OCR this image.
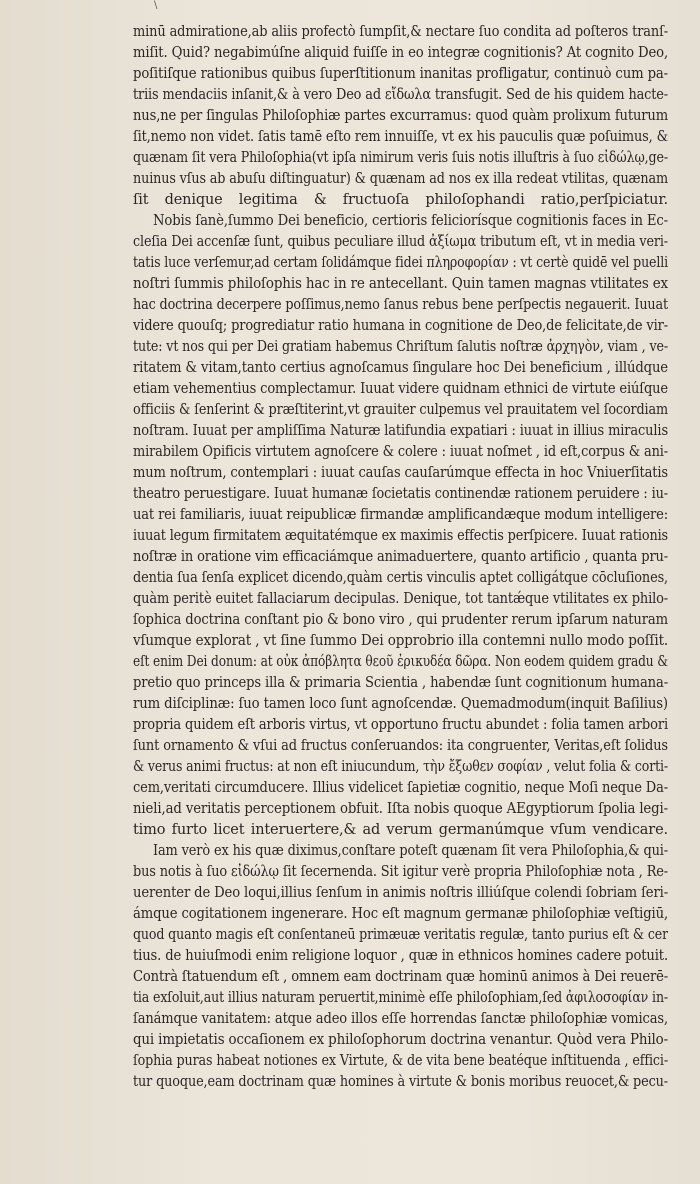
\
minū admiratione,ab aliis profectò ſumpſit,& nectare ſuo condita ad poſteros tranſ-
miſit. Quid? negabimúſne aliquid fuiſſe in eo integræ cognitionis? At cognito Deo,
poſitiſque rationibus quibus ſuperſtitionum inanitas profligatur, continuò cum pa-
triis mendaciis inſanit,& à vero Deo ad εἴδωλα transfugit. Sed de his quidem hacte-
nus,ne per ſingulas Philoſophiæ partes excurramus: quod quàm prolixum futurum
ſit,nemo non videt. ſatis tamē eſto rem innuiſſe, vt ex his pauculis quæ poſuimus, &
quænam ſit vera Philoſophia(vt ipſa nimirum veris ſuis notis illuſtris à ſuo εἰδώλῳ,ge-
nuinus vſus ab abuſu diſtinguatur) & quænam ad nos ex illa redeat vtilitas, quænam
ſit denique legitima & fructuoſa philoſophandi ratio,perſpiciatur.
Nobis ſanè,ſummo Dei beneficio, certioris feliciorísque cognitionis faces in Ec-
cleſia Dei accenſæ ſunt, quibus peculiare illud ἀξίωμα tributum eſt, vt in media veri-
tatis luce verſemur,ad certam ſolidámque fidei πληροφορίαν : vt certè quidē vel puelli
noſtri ſummis philoſophis hac in re antecellant. Quin tamen magnas vtilitates ex
hac doctrina decerpere poſſimus,nemo ſanus rebus bene perſpectis negauerit. Iuuat
videre quouſq; progrediatur ratio humana in cognitione de Deo,de felicitate,de vir-
tute: vt nos qui per Dei gratiam habemus Chriſtum ſalutis noſtræ ἀρχηγὸν, viam , ve-
ritatem & vitam,tanto certius agnoſcamus ſingulare hoc Dei beneficium , illúdque
etiam vehementius complectamur. Iuuat videre quidnam ethnici de virtute eiúſque
officiis & ſenſerint & præſtiterint,vt grauiter culpemus vel prauitatem vel ſocordiam
noſtram. Iuuat per ampliſſima Naturæ latifundia expatiari : iuuat in illius miraculis
mirabilem Opificis virtutem agnoſcere & colere : iuuat noſmet , id eſt,corpus & ani-
mum noſtrum, contemplari : iuuat cauſas cauſarúmque effecta in hoc Vniuerſitatis
theatro peruestigare. Iuuat humanæ ſocietatis continendæ rationem peruidere : iu-
uat rei familiaris, iuuat reipublicæ firmandæ amplificandæque modum intelligere:
iuuat legum firmitatem æquitatémque ex maximis effectis perſpicere. Iuuat rationis
noſtræ in oratione vim efficaciámque animaduertere, quanto artificio , quanta pru-
dentia ſua ſenſa explicet dicendo,quàm certis vinculis aptet colligátque cōcluſiones,
quàm peritè euitet fallaciarum decipulas. Denique, tot tantǽque vtilitates ex philo-
ſophica doctrina conſtant pio & bono viro , qui prudenter rerum ipſarum naturam
vſumque explorat , vt ſine ſummo Dei opprobrio illa contemni nullo modo poſſit.
eſt enim Dei donum: at οὐκ ἀπόβλητα θεοῦ ἐρικυδέα δῶρα. Non eodem quidem gradu &
pretio quo princeps illa & primaria Scientia , habendæ ſunt cognitionum humana-
rum diſciplinæ: ſuo tamen loco ſunt agnoſcendæ. Quemadmodum(inquit Baſilius)
propria quidem eſt arboris virtus, vt opportuno fructu abundet : folia tamen arbori
ſunt ornamento & vſui ad fructus conſeruandos: ita congruenter, Veritas,eſt ſolidus
& verus animi fructus: at non eſt iniucundum, τὴν ἔξωθεν σοφίαν , velut folia & corti-
cem,veritati circumducere. Illius videlicet ſapietiæ cognitio, neque Moſi neque Da-
nieli,ad veritatis perceptionem obfuit. Iſta nobis quoque AEgyptiorum ſpolia legi-
timo furto licet interuertere,& ad verum germanúmque vſum vendicare.
Iam verò ex his quæ diximus,conſtare poteſt quænam ſit vera Philoſophia,& qui-
bus notis à ſuo εἰδώλῳ ſit ſecernenda. Sit igitur verè propria Philoſophiæ nota , Re-
uerenter de Deo loqui,illius ſenſum in animis noſtris illiúſque colendi ſobriam ſeri-
ámque cogitationem ingenerare. Hoc eſt magnum germanæ philoſophiæ veſtigiū,
quod quanto magis eſt conſentaneū primæuæ veritatis regulæ, tanto purius eſt & cer
tius. de huiuſmodi enim religione loquor , quæ in ethnicos homines cadere potuit.
Contrà ſtatuendum eſt , omnem eam doctrinam quæ hominū animos à Dei reuerē-
tia exſoluit,aut illius naturam peruertit,minimè eſſe philoſophiam,ſed ἀφιλοσοφίαν in-
ſanámque vanitatem: atque adeo illos eſſe horrendas ſanctæ philoſophiæ vomicas,
qui impietatis occaſionem ex philoſophorum doctrina venantur. Quòd vera Philo-
ſophia puras habeat notiones ex Virtute, & de vita bene beatéque inſtituenda , effici-
tur quoque,eam doctrinam quæ homines à virtute & bonis moribus reuocet,& pecu-
